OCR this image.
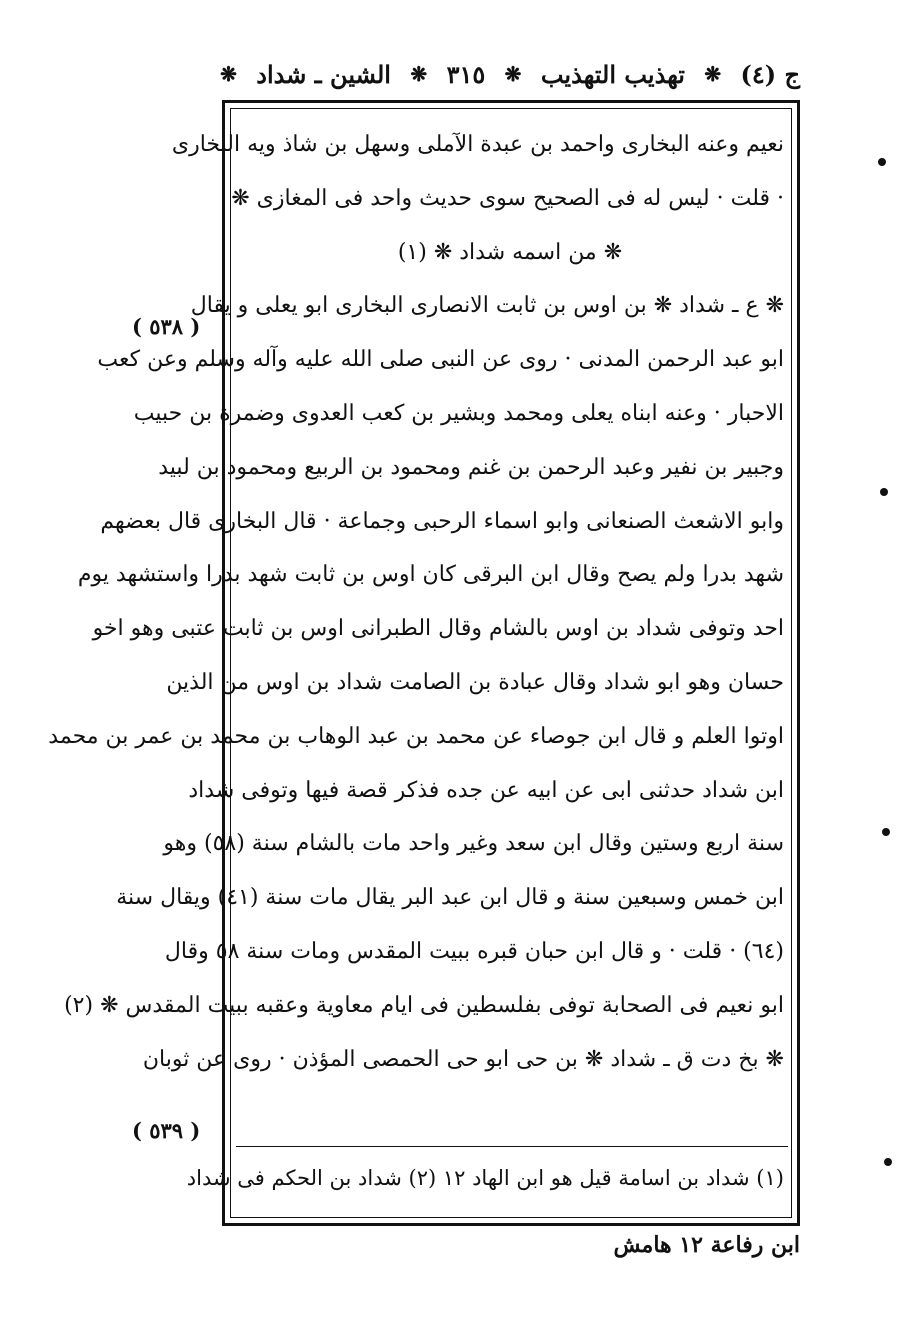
ج (٤)
❋
تهذيب التهذيب
❋
٣١٥
❋
الشين ـ شداد
❋
نعيم وعنه البخاری واحمد بن عبدة الآملی وسهل بن شاذ ویه البخاری
· قلت · لیس له فی الصحیح سوی حدیث واحد فی المغازی ❋
❋ من اسمه شداد ❋ (١)
❋ ع ـ شداد ❋ بن اوس بن ثابت الانصاری البخاری ابو یعلی و یقال
ابو عبد الرحمن المدنی · روی عن النبی صلی الله علیه وآله وسلم وعن کعب
الاحبار · وعنه ابناه یعلی ومحمد وبشیر بن کعب العدوی وضمرة بن حبیب
وجبیر بن نفیر وعبد الرحمن بن غنم ومحمود بن الربیع ومحمود بن لبید
وابو الاشعث الصنعانی وابو اسماء الرحبی وجماعة · قال البخاری قال بعضهم
شهد بدرا ولم یصح وقال ابن البرقی کان اوس بن ثابت شهد بدرا واستشهد یوم
احد وتوفی شداد بن اوس بالشام وقال الطبرانی اوس بن ثابت عتبی وهو اخو
حسان وهو ابو شداد وقال عبادة بن الصامت شداد بن اوس من الذین
اوتوا العلم و قال ابن جوصاء عن محمد بن عبد الوهاب بن محمد بن عمر بن محمد
ابن شداد حدثنی ابی عن ابیه عن جده فذکر قصة فیها وتوفی شداد
سنة اربع وستین وقال ابن سعد وغیر واحد مات بالشام سنة (٥٨) وهو
ابن خمس وسبعین سنة و قال ابن عبد البر یقال مات سنة (٤١) ویقال سنة
(٦٤) · قلت · و قال ابن حبان قبره ببیت المقدس ومات سنة ٥٨ وقال
ابو نعیم فی الصحابة توفی بفلسطین فی ایام معاویة وعقبه ببیت المقدس ❋ (٢)
❋ بخ دت ق ـ شداد ❋ بن حی ابو حی الحمصی المؤذن · روی عن ثوبان
( ٥٣٨ )
( ٥٣٩ )
(١) شداد بن اسامة قیل هو ابن الهاد ١٢ (٢) شداد بن الحکم فی شداد
ابن رفاعة ١٢ هامش
